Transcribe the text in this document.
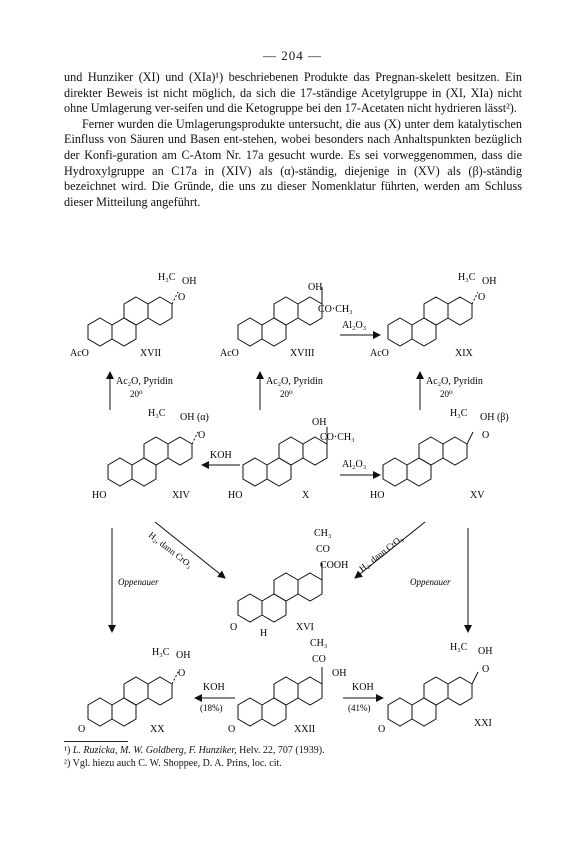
— 204 —

und Hunziker (XI) und (XIa)¹) beschriebenen Produkte das Pregnan-skelett besitzen. Ein direkter Beweis ist nicht möglich, da sich die 17-ständige Acetylgruppe in (XI, XIa) nicht ohne Umlagerung ver-seifen und die Ketogruppe bei den 17-Acetaten nicht hydrieren lässt²).

Ferner wurden die Umlagerungsprodukte untersucht, die aus (X) unter dem katalytischen Einfluss von Säuren und Basen ent-stehen, wobei besonders nach Anhaltspunkten bezüglich der Konfi-guration am C-Atom Nr. 17a gesucht wurde. Es sei vorweggenommen, dass die Hydroxylgruppe an C17a in (XIV) als (α)-ständig, diejenige in (XV) als (β)-ständig bezeichnet wird. Die Gründe, die uns zu dieser Nomenklatur führten, werden am Schluss dieser Mitteilung angeführt.

H₃C OH
O
AcO	XVII
OH
CO·CH₃
AcO	XVIII
Al₂O₃
H₃C OH
O
AcO	XIX
Ac₂O, Pyridin
20⁰
Ac₂O, Pyridin
20⁰
Ac₂O, Pyridin
20⁰
H₃C OH (α)
O
HO	XIV
KOH
OH
CO·CH₃
HO	X
Al₂O₃
H₃C OH (β)
O
HO	XV
H₂, dann CrO₃	H₂, dann CrO₃
Oppenauer	Oppenauer
CH₃
CO
COOH
O
H
XVI
H₃C OH
O
O	XX
KOH
(18%)
CH₃
CO
OH
O	XXII
KOH
(41%)
H₃C OH
O
O
XXI
¹) L. Ruzicka, M. W. Goldberg, F. Hunziker, Helv. 22, 707 (1939).
²) Vgl. hiezu auch C. W. Shoppee, D. A. Prins, loc. cit.
